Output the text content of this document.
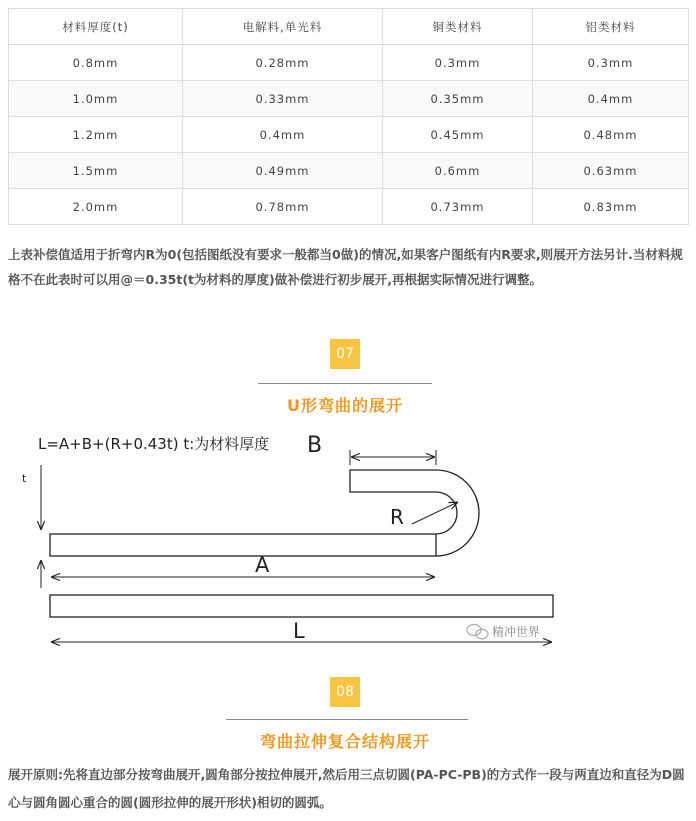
材料厚度(t)	电解料,单光料	铜类材料	铝类材料
0.8mm	0.28mm	0.3mm	0.3mm
1.0mm	0.33mm	0.35mm	0.4mm
1.2mm	0.4mm	0.45mm	0.48mm
1.5mm	0.49mm	0.6mm	0.63mm
2.0mm	0.78mm	0.73mm	0.83mm

上表补偿值适用于折弯内R为0(包括图纸没有要求一般都当0做)的情况,如果客户图纸有内R要求,则展开方法另计.当材料规格不在此表时可以用@＝0.35t(t为材料的厚度)做补偿进行初步展开,再根据实际情况进行调整。

07
U形弯曲的展开
L=A+B+(R+0.43t) t:为材料厚度 B
R
t
A
L	精冲世界
08
弯曲拉伸复合结构展开

展开原则:先将直边部分按弯曲展开,圆角部分按拉伸展开,然后用三点切圆(PA-PC-PB)的方式作一段与两直边和直径为D圆心与圆角圆心重合的圆(圆形拉伸的展开形状)相切的圆弧。
